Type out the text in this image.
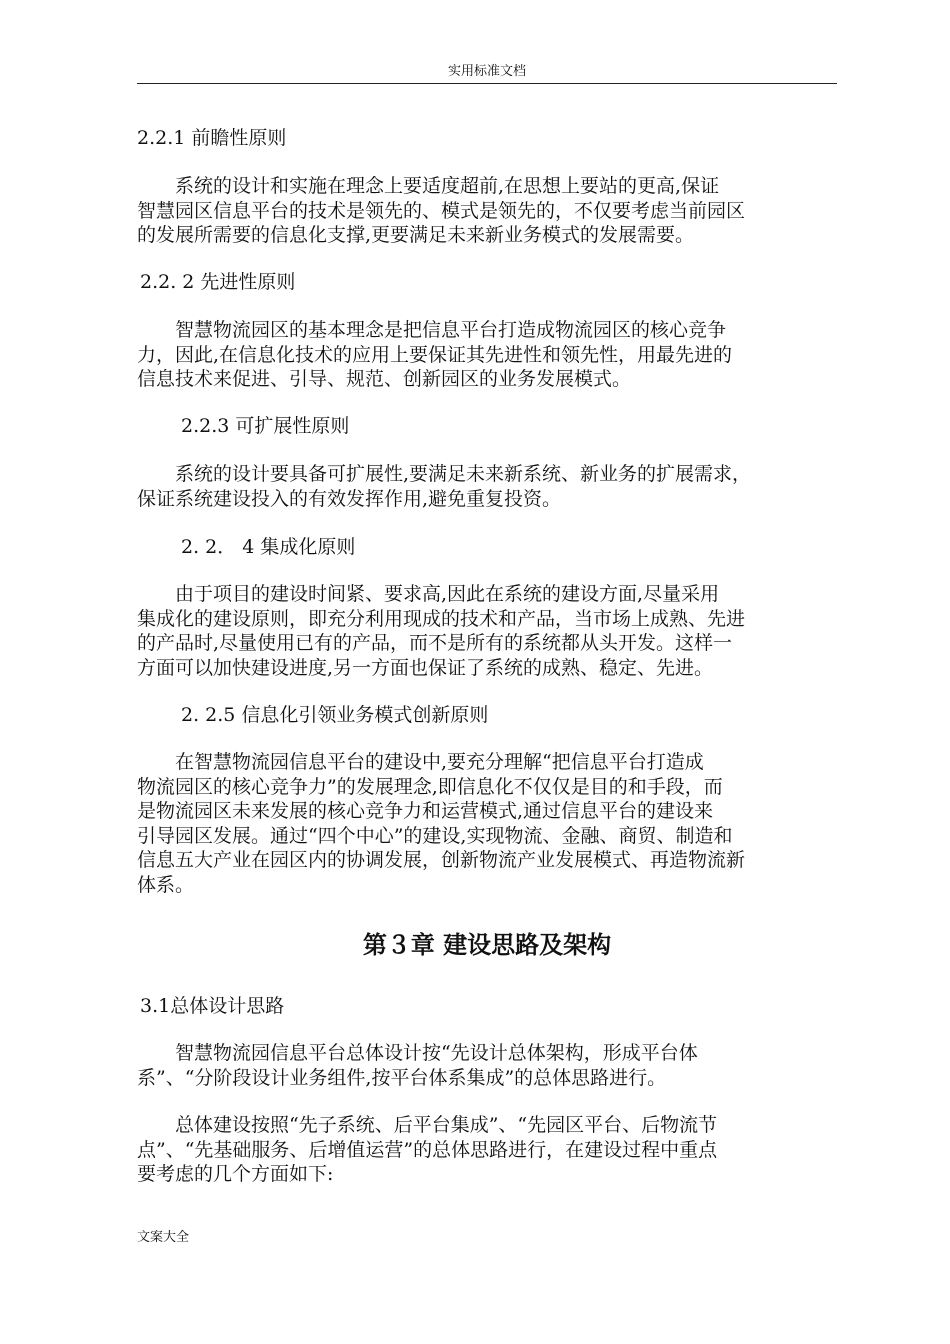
实用标准文档
2.2.1 前瞻性原则
　　系统的设计和实施在理念上要适度超前,在思想上要站的更高,保证
智慧园区信息平台的技术是领先的、模式是领先的，不仅要考虑当前园区
的发展所需要的信息化支撑,更要满足未来新业务模式的发展需要。
2.2. 2 先进性原则
　　智慧物流园区的基本理念是把信息平台打造成物流园区的核心竞争
力，因此,在信息化技术的应用上要保证其先进性和领先性，用最先进的
信息技术来促进、引导、规范、创新园区的业务发展模式。
2.2.3 可扩展性原则
　　系统的设计要具备可扩展性,要满足未来新系统、新业务的扩展需求，
保证系统建设投入的有效发挥作用,避免重复投资。
2. 2． 4 集成化原则
　　由于项目的建设时间紧、要求高,因此在系统的建设方面,尽量采用
集成化的建设原则，即充分利用现成的技术和产品，当市场上成熟、先进
的产品时,尽量使用已有的产品，而不是所有的系统都从头开发。这样一
方面可以加快建设进度,另一方面也保证了系统的成熟、稳定、先进。
2. 2.5 信息化引领业务模式创新原则
　　在智慧物流园信息平台的建设中,要充分理解“把信息平台打造成
物流园区的核心竞争力”的发展理念,即信息化不仅仅是目的和手段，而
是物流园区未来发展的核心竞争力和运营模式,通过信息平台的建设来
引导园区发展。通过“四个中心”的建设,实现物流、金融、商贸、制造和
信息五大产业在园区内的协调发展，创新物流产业发展模式、再造物流新
体系。
第３章 建设思路及架构
3.1总体设计思路
　　智慧物流园信息平台总体设计按“先设计总体架构，形成平台体
系”、“分阶段设计业务组件,按平台体系集成”的总体思路进行。
　　总体建设按照“先子系统、后平台集成”、“先园区平台、后物流节
点”、“先基础服务、后增值运营”的总体思路进行，在建设过程中重点
要考虑的几个方面如下:
文案大全
